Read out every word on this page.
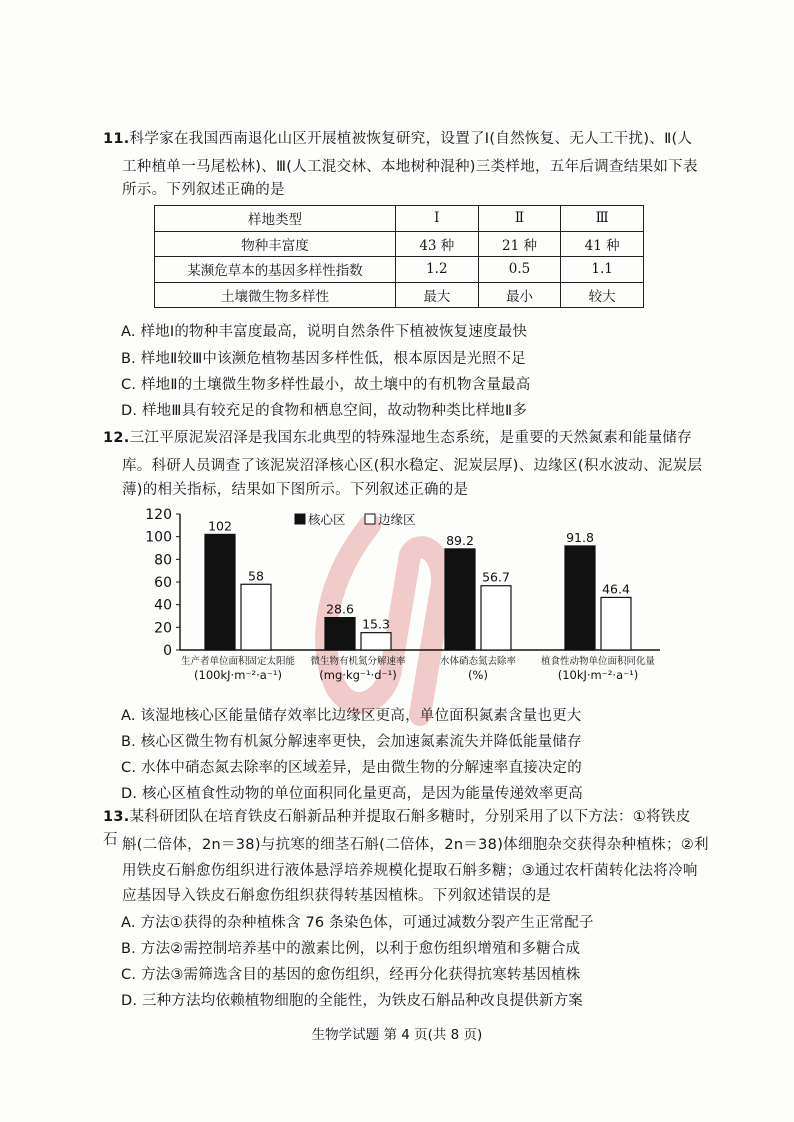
11.科学家在我国西南退化山区开展植被恢复研究，设置了Ⅰ(自然恢复、无人工干扰)、Ⅱ(人
工种植单一马尾松林)、Ⅲ(人工混交林、本地树种混种)三类样地，五年后调查结果如下表
所示。下列叙述正确的是
样地类型	Ⅰ	Ⅱ	Ⅲ
物种丰富度	43 种	21 种	41 种
某濒危草本的基因多样性指数	1.2	0.5	1.1
土壤微生物多样性	最大	最小	较大
A. 样地Ⅰ的物种丰富度最高，说明自然条件下植被恢复速度最快
B. 样地Ⅱ较Ⅲ中该濒危植物基因多样性低，根本原因是光照不足
C. 样地Ⅱ的土壤微生物多样性最小，故土壤中的有机物含量最高
D. 样地Ⅲ具有较充足的食物和栖息空间，故动物种类比样地Ⅱ多
12.三江平原泥炭沼泽是我国东北典型的特殊湿地生态系统，是重要的天然氮素和能量储存
库。科研人员调查了该泥炭沼泽核心区(积水稳定、泥炭层厚)、边缘区(积水波动、泥炭层
薄)的相关指标，结果如下图所示。下列叙述正确的是
0
20
40
60
80
100
120
102
58
生产者单位面积固定太阳能
(100kJ·m⁻²·a⁻¹)
28.6
15.3
微生物有机氮分解速率
(mg·kg⁻¹·d⁻¹)
89.2
56.7
水体硝态氮去除率
(%)
91.8
46.4
植食性动物单位面积同化量
(10kJ·m⁻²·a⁻¹)
核心区	边缘区
A. 该湿地核心区能量储存效率比边缘区更高，单位面积氮素含量也更大
B. 核心区微生物有机氮分解速率更快，会加速氮素流失并降低能量储存
C. 水体中硝态氮去除率的区域差异，是由微生物的分解速率直接决定的
D. 核心区植食性动物的单位面积同化量更高，是因为能量传递效率更高
13.某科研团队在培育铁皮石斛新品种并提取石斛多糖时，分别采用了以下方法：①将铁皮石 斛(二倍体，2n＝38)与抗寒的细茎石斛(二倍体，2n＝38)体细胞杂交获得杂种植株；②利
用铁皮石斛愈伤组织进行液体悬浮培养规模化提取石斛多糖；③通过农杆菌转化法将冷响
应基因导入铁皮石斛愈伤组织获得转基因植株。下列叙述错误的是
A. 方法①获得的杂种植株含 76 条染色体，可通过减数分裂产生正常配子
B. 方法②需控制培养基中的激素比例，以利于愈伤组织增殖和多糖合成
C. 方法③需筛选含目的基因的愈伤组织，经再分化获得抗寒转基因植株
D. 三种方法均依赖植物细胞的全能性，为铁皮石斛品种改良提供新方案
生物学试题 第 4 页(共 8 页)
